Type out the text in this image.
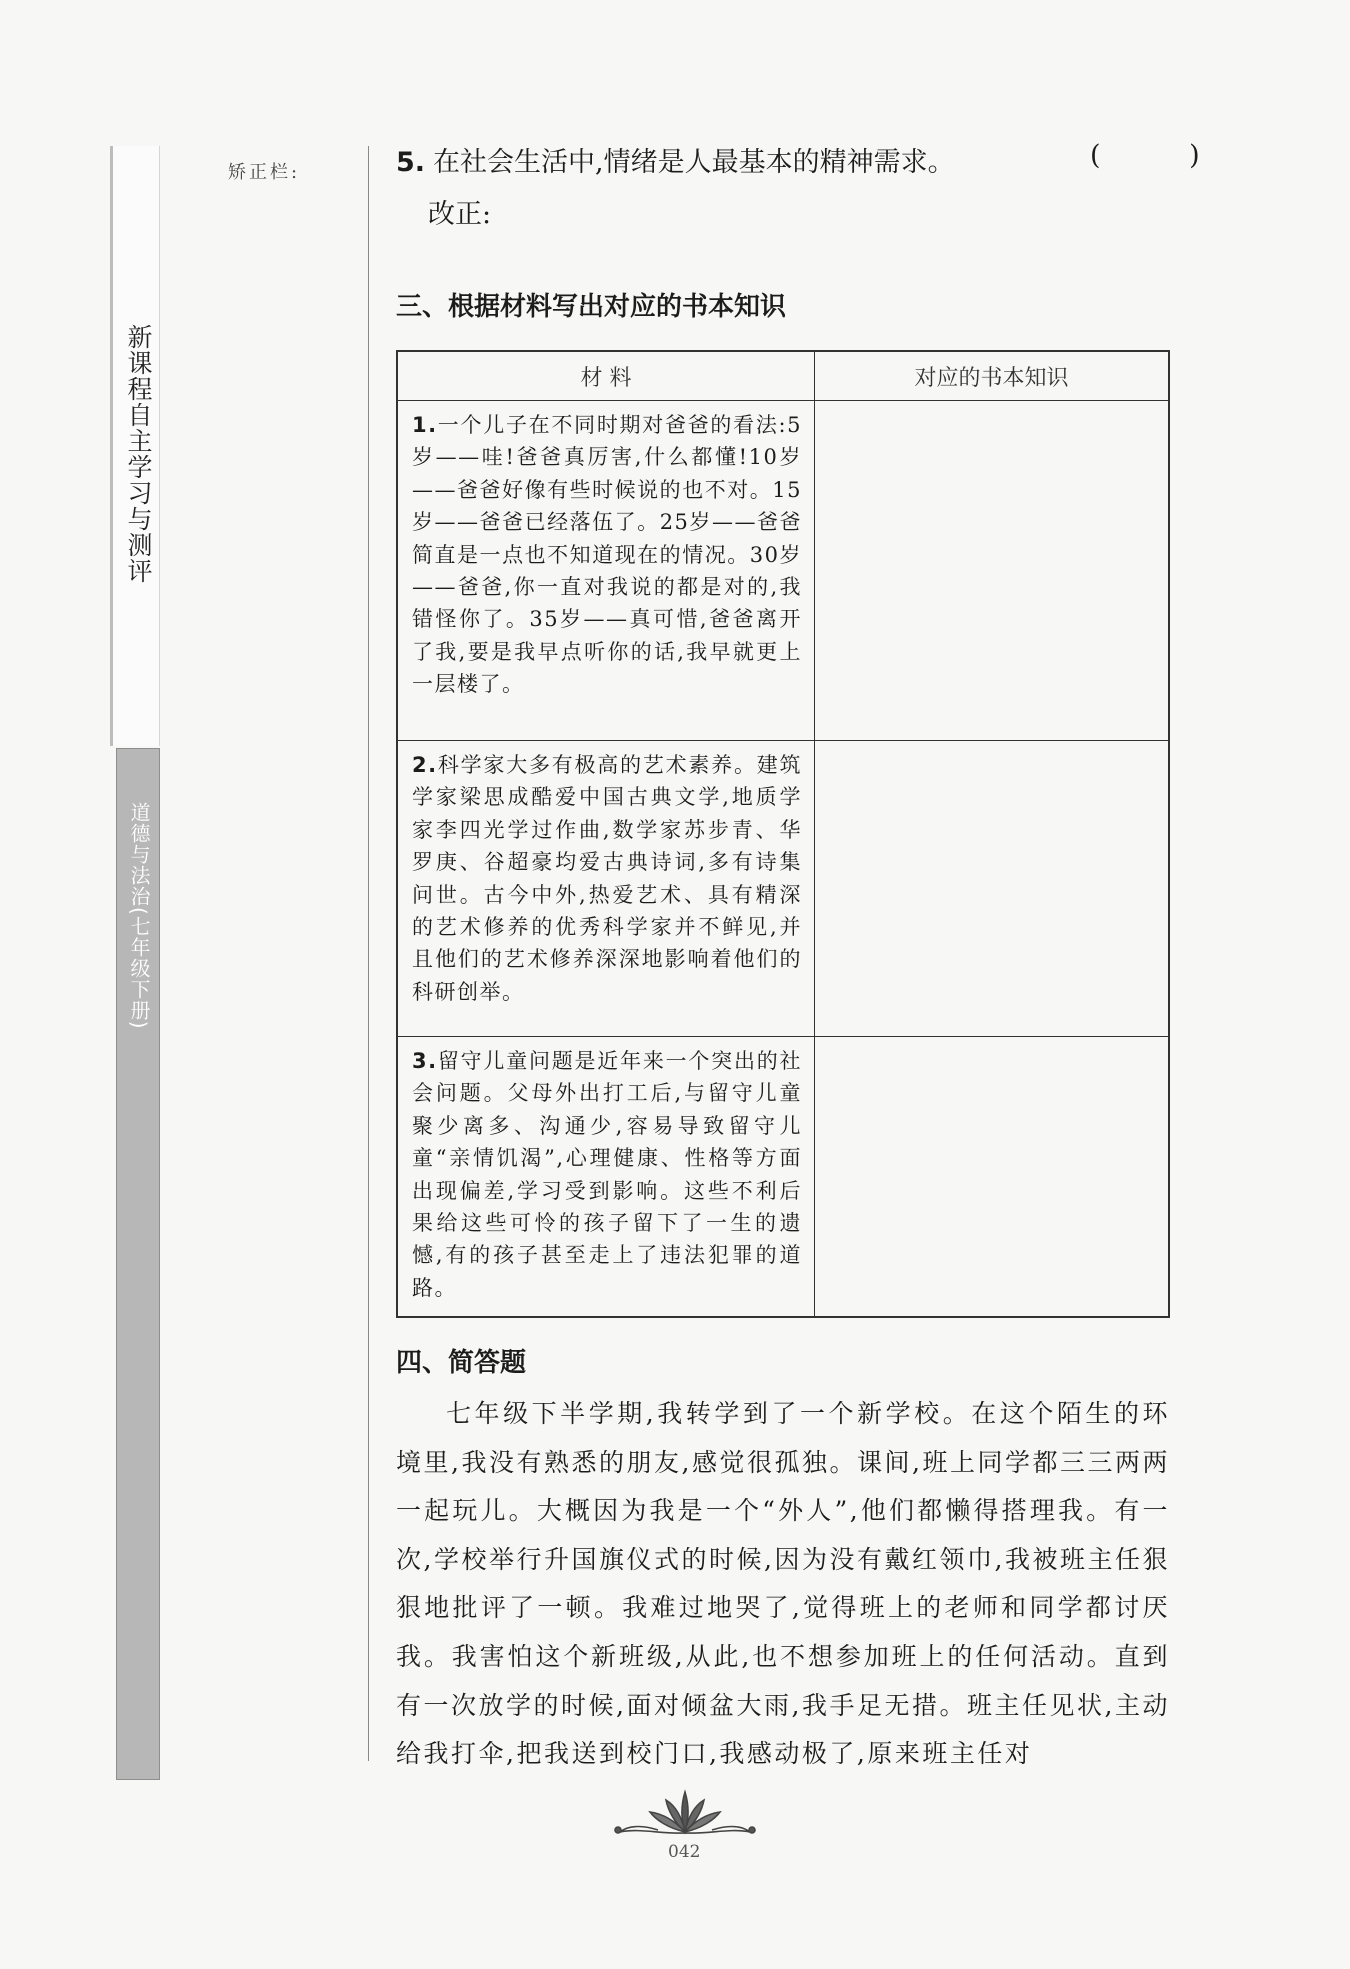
新课程自主学习与测评
道德与法治(七年级下册)
矫正栏:	5. 在社会生活中,情绪是人最基本的精神需求。	( )
改正:
三、根据材料写出对应的书本知识
材 料	对应的书本知识
1.一个儿子在不同时期对爸爸的看法:5岁——哇!爸爸真厉害,什么都懂!10岁——爸爸好像有些时候说的也不对。15岁——爸爸已经落伍了。25岁——爸爸简直是一点也不知道现在的情况。30岁——爸爸,你一直对我说的都是对的,我错怪你了。35岁——真可惜,爸爸离开了我,要是我早点听你的话,我早就更上一层楼了。	
2.科学家大多有极高的艺术素养。建筑学家梁思成酷爱中国古典文学,地质学家李四光学过作曲,数学家苏步青、华罗庚、谷超豪均爱古典诗词,多有诗集问世。古今中外,热爱艺术、具有精深的艺术修养的优秀科学家并不鲜见,并且他们的艺术修养深深地影响着他们的科研创举。	
3.留守儿童问题是近年来一个突出的社会问题。父母外出打工后,与留守儿童聚少离多、沟通少,容易导致留守儿童“亲情饥渴”,心理健康、性格等方面出现偏差,学习受到影响。这些不利后果给这些可怜的孩子留下了一生的遗憾,有的孩子甚至走上了违法犯罪的道路。	
四、简答题
七年级下半学期,我转学到了一个新学校。在这个陌生的环境里,我没有熟悉的朋友,感觉很孤独。课间,班上同学都三三两两一起玩儿。大概因为我是一个“外人”,他们都懒得搭理我。有一次,学校举行升国旗仪式的时候,因为没有戴红领巾,我被班主任狠狠地批评了一顿。我难过地哭了,觉得班上的老师和同学都讨厌我。我害怕这个新班级,从此,也不想参加班上的任何活动。直到有一次放学的时候,面对倾盆大雨,我手足无措。班主任见状,主动给我打伞,把我送到校门口,我感动极了,原来班主任对
042
